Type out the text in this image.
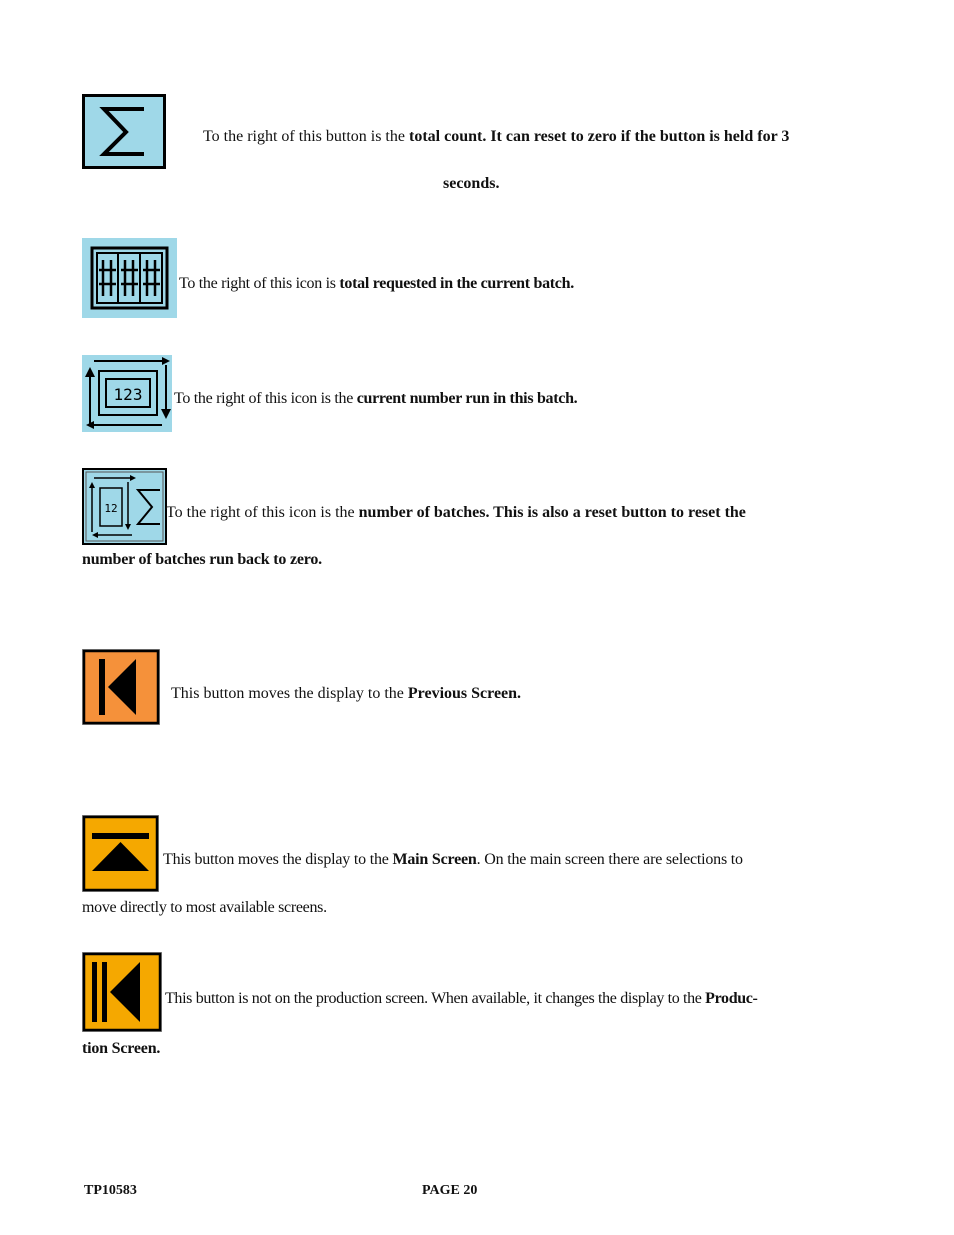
To the right of this button is the total count. It can reset to zero if the button is held for 3
seconds.
To the right of this icon is total requested in the current batch.
123 To the right of this icon is the current number run in this batch.
12	To the right of this icon is the number of batches. This is also a reset button to reset the
number of batches run back to zero.
This button moves the display to the Previous Screen.
This button moves the display to the Main Screen. On the main screen there are selections to
move directly to most available screens.
This button is not on the production screen. When available, it changes the display to the Produc-
tion Screen.
TP10583	PAGE 20
